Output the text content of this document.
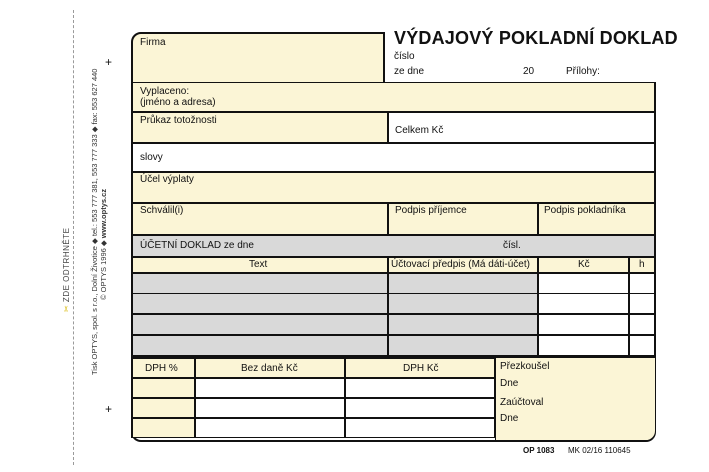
+
+
✂ ZDE ODTRHNĚTE	Tisk OPTYS, spol. s r.o., Dolní Životice ◆ tel.: 553 777 381, 553 777 333 ◆ fax: 553 627 440
© OPTYS 1996 ◆ www.optys.cz
VÝDAJOVÝ POKLADNÍ DOKLAD
Firma
číslo
ze dne	20	Přílohy:
Vyplaceno:
(jméno a adresa)
Průkaz totožnosti
Celkem Kč
slovy
Účel výplaty
Schválil(i)	Podpis příjemce	Podpis pokladníka
ÚČETNÍ DOKLAD ze dne	čísl.
Text	Účtovací předpis (Má dáti-účet)	Kč	h
DPH %	Bez daně Kč	DPH Kč	Přezkoušel
Dne
Zaúčtoval
Dne
OP 1083 MK 02/16 110645
